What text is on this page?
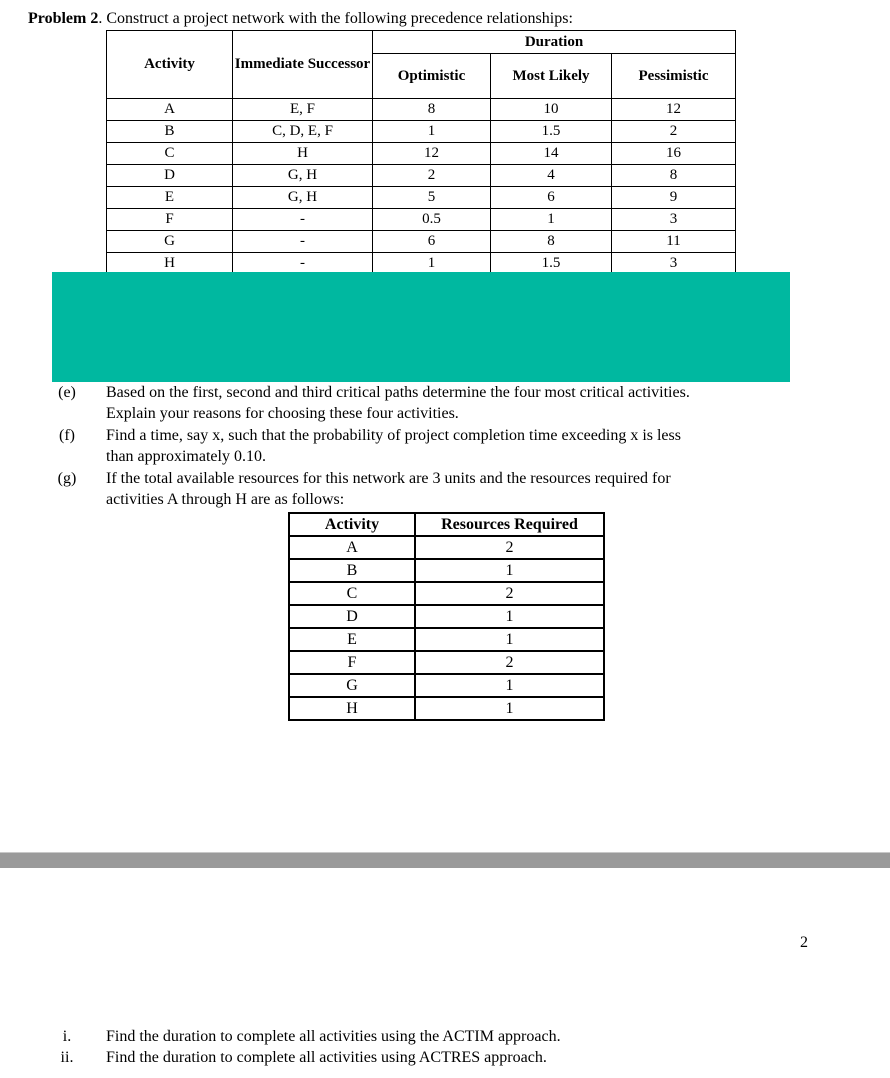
Problem 2. Construct a project network with the following precedence relationships:
Activity	Immediate Successor	Duration		
		Optimistic	Most Likely	Pessimistic
A	E, F	8	10	12
B	C, D, E, F	1	1.5	2
C	H	12	14	16
D	G, H	2	4	8
E	G, H	5	6	9
F	-	0.5	1	3
G	-	6	8	11
H	-	1	1.5	3
(e)	Based on the first, second and third critical paths determine the four most critical activities.
Explain your reasons for choosing these four activities.
(f)	Find a time, say x, such that the probability of project completion time exceeding x is less
than approximately 0.10.
(g)	If the total available resources for this network are 3 units and the resources required for
activities A through H are as follows:
Activity	Resources Required
A	2
B	1
C	2
D	1
E	1
F	2
G	1
H	1
2
i.	Find the duration to complete all activities using the ACTIM approach.
ii.	Find the duration to complete all activities using ACTRES approach.
